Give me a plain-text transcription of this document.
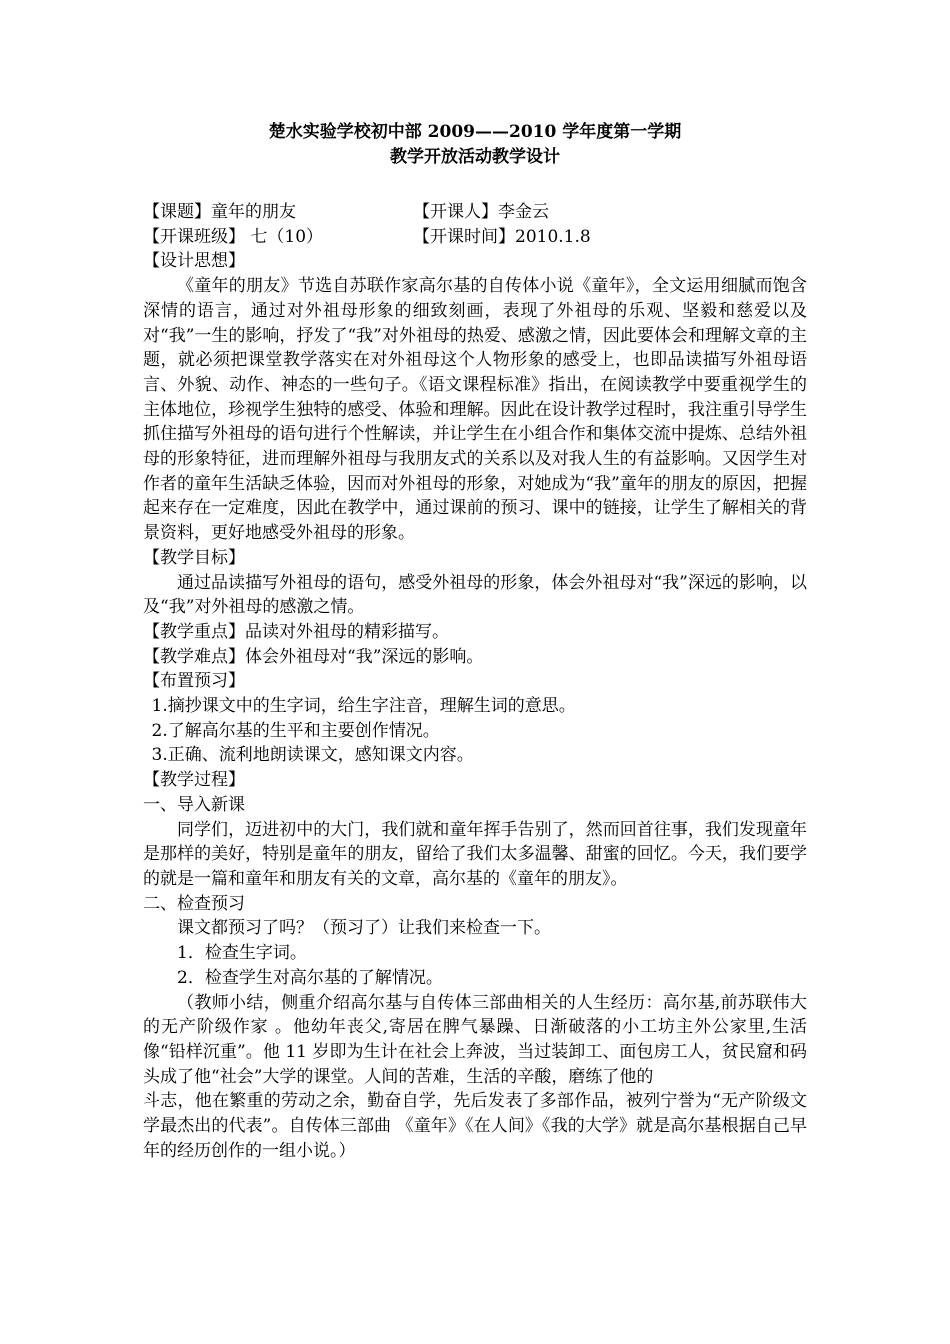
楚水实验学校初中部 2009——2010 学年度第一学期

教学开放活动教学设计

【课题】童年的朋友	【开课人】李金云
【开课班级】 七（10）	【开课时间】2010.1.8

【设计思想】

《童年的朋友》节选自苏联作家高尔基的自传体小说《童年》，全文运用细腻而饱含深情的语言，通过对外祖母形象的细致刻画，表现了外祖母的乐观、坚毅和慈爱以及对“我”一生的影响，抒发了“我”对外祖母的热爱、感激之情，因此要体会和理解文章的主题，就必须把课堂教学落实在对外祖母这个人物形象的感受上，也即品读描写外祖母语言、外貌、动作、神态的一些句子。《语文课程标准》指出，在阅读教学中要重视学生的主体地位，珍视学生独特的感受、体验和理解。因此在设计教学过程时，我注重引导学生抓住描写外祖母的语句进行个性解读，并让学生在小组合作和集体交流中提炼、总结外祖母的形象特征，进而理解外祖母与我朋友式的关系以及对我人生的有益影响。又因学生对作者的童年生活缺乏体验，因而对外祖母的形象，对她成为“我”童年的朋友的原因，把握起来存在一定难度，因此在教学中，通过课前的预习、课中的链接，让学生了解相关的背景资料，更好地感受外祖母的形象。

【教学目标】

通过品读描写外祖母的语句，感受外祖母的形象，体会外祖母对“我”深远的影响，以及“我”对外祖母的感激之情。

【教学重点】品读对外祖母的精彩描写。

【教学难点】体会外祖母对“我”深远的影响。

【布置预习】

1.摘抄课文中的生字词，给生字注音，理解生词的意思。

2.了解高尔基的生平和主要创作情况。

3.正确、流利地朗读课文，感知课文内容。

【教学过程】

一、导入新课

同学们，迈进初中的大门，我们就和童年挥手告别了，然而回首往事，我们发现童年是那样的美好，特别是童年的朋友，留给了我们太多温馨、甜蜜的回忆。今天，我们要学的就是一篇和童年和朋友有关的文章，高尔基的《童年的朋友》。

二、检查预习

课文都预习了吗？（预习了）让我们来检查一下。

1．检查生字词。

2．检查学生对高尔基的了解情况。

（教师小结，侧重介绍高尔基与自传体三部曲相关的人生经历：高尔基,前苏联伟大的无产阶级作家 。他幼年丧父,寄居在脾气暴躁、日渐破落的小工坊主外公家里,生活像“铅样沉重”。他 11 岁即为生计在社会上奔波，当过装卸工、面包房工人，贫民窟和码头成了他“社会”大学的课堂。人间的苦难，生活的辛酸，磨练了他的

斗志，他在繁重的劳动之余，勤奋自学，先后发表了多部作品，被列宁誉为“无产阶级文学最杰出的代表”。自传体三部曲 《童年》《在人间》《我的大学》就是高尔基根据自己早年的经历创作的一组小说。）
